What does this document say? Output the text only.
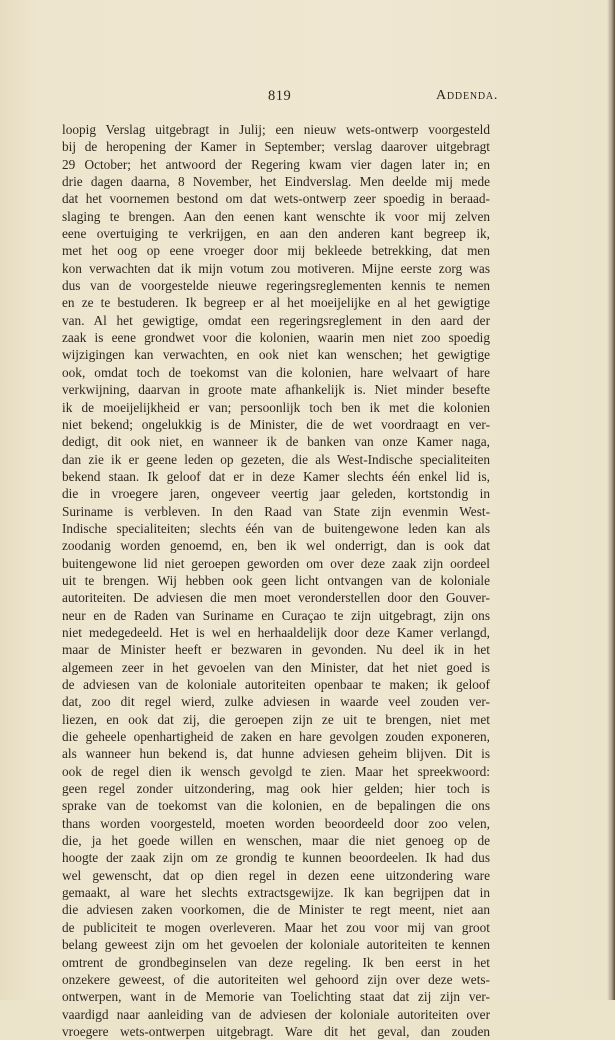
819	Addenda.
loopig Verslag uitgebragt in Julij; een nieuw wets-ontwerp voorgesteld
bij de heropening der Kamer in September; verslag daarover uitgebragt
29 October; het antwoord der Regering kwam vier dagen later in; en
drie dagen daarna, 8 November, het Eindverslag. Men deelde mij mede
dat het voornemen bestond om dat wets-ontwerp zeer spoedig in beraad-
slaging te brengen. Aan den eenen kant wenschte ik voor mij zelven
eene overtuiging te verkrijgen, en aan den anderen kant begreep ik,
met het oog op eene vroeger door mij bekleede betrekking, dat men
kon verwachten dat ik mijn votum zou motiveren. Mijne eerste zorg was
dus van de voorgestelde nieuwe regeringsreglementen kennis te nemen
en ze te bestuderen. Ik begreep er al het moeijelijke en al het gewigtige
van. Al het gewigtige, omdat een regeringsreglement in den aard der
zaak is eene grondwet voor die kolonien, waarin men niet zoo spoedig
wijzigingen kan verwachten, en ook niet kan wenschen; het gewigtige
ook, omdat toch de toekomst van die kolonien, hare welvaart of hare
verkwijning, daarvan in groote mate afhankelijk is. Niet minder besefte
ik de moeijelijkheid er van; persoonlijk toch ben ik met die kolonien
niet bekend; ongelukkig is de Minister, die de wet voordraagt en ver-
dedigt, dit ook niet, en wanneer ik de banken van onze Kamer naga,
dan zie ik er geene leden op gezeten, die als West-Indische specialiteiten
bekend staan. Ik geloof dat er in deze Kamer slechts één enkel lid is,
die in vroegere jaren, ongeveer veertig jaar geleden, kortstondig in
Suriname is verbleven. In den Raad van State zijn evenmin West-
Indische specialiteiten; slechts één van de buitengewone leden kan als
zoodanig worden genoemd, en, ben ik wel onderrigt, dan is ook dat
buitengewone lid niet geroepen geworden om over deze zaak zijn oordeel
uit te brengen. Wij hebben ook geen licht ontvangen van de koloniale
autoriteiten. De adviesen die men moet veronderstellen door den Gouver-
neur en de Raden van Suriname en Curaçao te zijn uitgebragt, zijn ons
niet medegedeeld. Het is wel en herhaaldelijk door deze Kamer verlangd,
maar de Minister heeft er bezwaren in gevonden. Nu deel ik in het
algemeen zeer in het gevoelen van den Minister, dat het niet goed is
de adviesen van de koloniale autoriteiten openbaar te maken; ik geloof
dat, zoo dit regel wierd, zulke adviesen in waarde veel zouden ver-
liezen, en ook dat zij, die geroepen zijn ze uit te brengen, niet met
die geheele openhartigheid de zaken en hare gevolgen zouden exponeren,
als wanneer hun bekend is, dat hunne adviesen geheim blijven. Dit is
ook de regel dien ik wensch gevolgd te zien. Maar het spreekwoord:
geen regel zonder uitzondering, mag ook hier gelden; hier toch is
sprake van de toekomst van die kolonien, en de bepalingen die ons
thans worden voorgesteld, moeten worden beoordeeld door zoo velen,
die, ja het goede willen en wenschen, maar die niet genoeg op de
hoogte der zaak zijn om ze grondig te kunnen beoordeelen. Ik had dus
wel gewenscht, dat op dien regel in dezen eene uitzondering ware
gemaakt, al ware het slechts extractsgewijze. Ik kan begrijpen dat in
die adviesen zaken voorkomen, die de Minister te regt meent, niet aan
de publiciteit te mogen overleveren. Maar het zou voor mij van groot
belang geweest zijn om het gevoelen der koloniale autoriteiten te kennen
omtrent de grondbeginselen van deze regeling. Ik ben eerst in het
onzekere geweest, of die autoriteiten wel gehoord zijn over deze wets-
ontwerpen, want in de Memorie van Toelichting staat dat zij zijn ver-
vaardigd naar aanleiding van de adviesen der koloniale autoriteiten over
vroegere wets-ontwerpen uitgebragt. Ware dit het geval, dan zouden
